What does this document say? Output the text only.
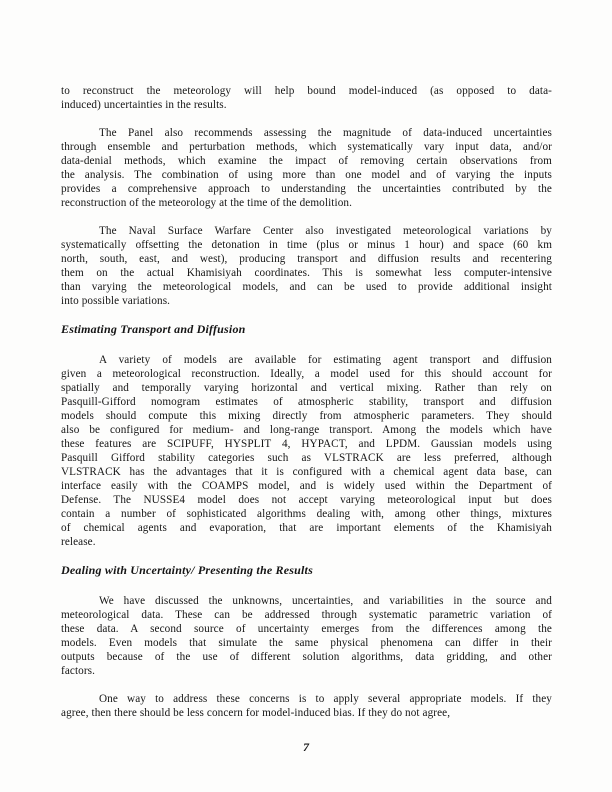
to reconstruct the meteorology will help bound model-induced (as opposed to data-
induced) uncertainties in the results.
The Panel also recommends assessing the magnitude of data-induced uncertainties
through ensemble and perturbation methods, which systematically vary input data, and/or
data-denial methods, which examine the impact of removing certain observations from
the analysis. The combination of using more than one model and of varying the inputs
provides a comprehensive approach to understanding the uncertainties contributed by the
reconstruction of the meteorology at the time of the demolition.
The Naval Surface Warfare Center also investigated meteorological variations by
systematically offsetting the detonation in time (plus or minus 1 hour) and space (60 km
north, south, east, and west), producing transport and diffusion results and recentering
them on the actual Khamisiyah coordinates. This is somewhat less computer-intensive
than varying the meteorological models, and can be used to provide additional insight
into possible variations.
Estimating Transport and Diffusion
A variety of models are available for estimating agent transport and diffusion
given a meteorological reconstruction. Ideally, a model used for this should account for
spatially and temporally varying horizontal and vertical mixing. Rather than rely on
Pasquill-Gifford nomogram estimates of atmospheric stability, transport and diffusion
models should compute this mixing directly from atmospheric parameters. They should
also be configured for medium- and long-range transport. Among the models which have
these features are SCIPUFF, HYSPLIT 4, HYPACT, and LPDM. Gaussian models using
Pasquill Gifford stability categories such as VLSTRACK are less preferred, although
VLSTRACK has the advantages that it is configured with a chemical agent data base, can
interface easily with the COAMPS model, and is widely used within the Department of
Defense. The NUSSE4 model does not accept varying meteorological input but does
contain a number of sophisticated algorithms dealing with, among other things, mixtures
of chemical agents and evaporation, that are important elements of the Khamisiyah
release.
Dealing with Uncertainty/ Presenting the Results
We have discussed the unknowns, uncertainties, and variabilities in the source and
meteorological data. These can be addressed through systematic parametric variation of
these data. A second source of uncertainty emerges from the differences among the
models. Even models that simulate the same physical phenomena can differ in their
outputs because of the use of different solution algorithms, data gridding, and other
factors.
One way to address these concerns is to apply several appropriate models. If they
agree, then there should be less concern for model-induced bias. If they do not agree,
7
